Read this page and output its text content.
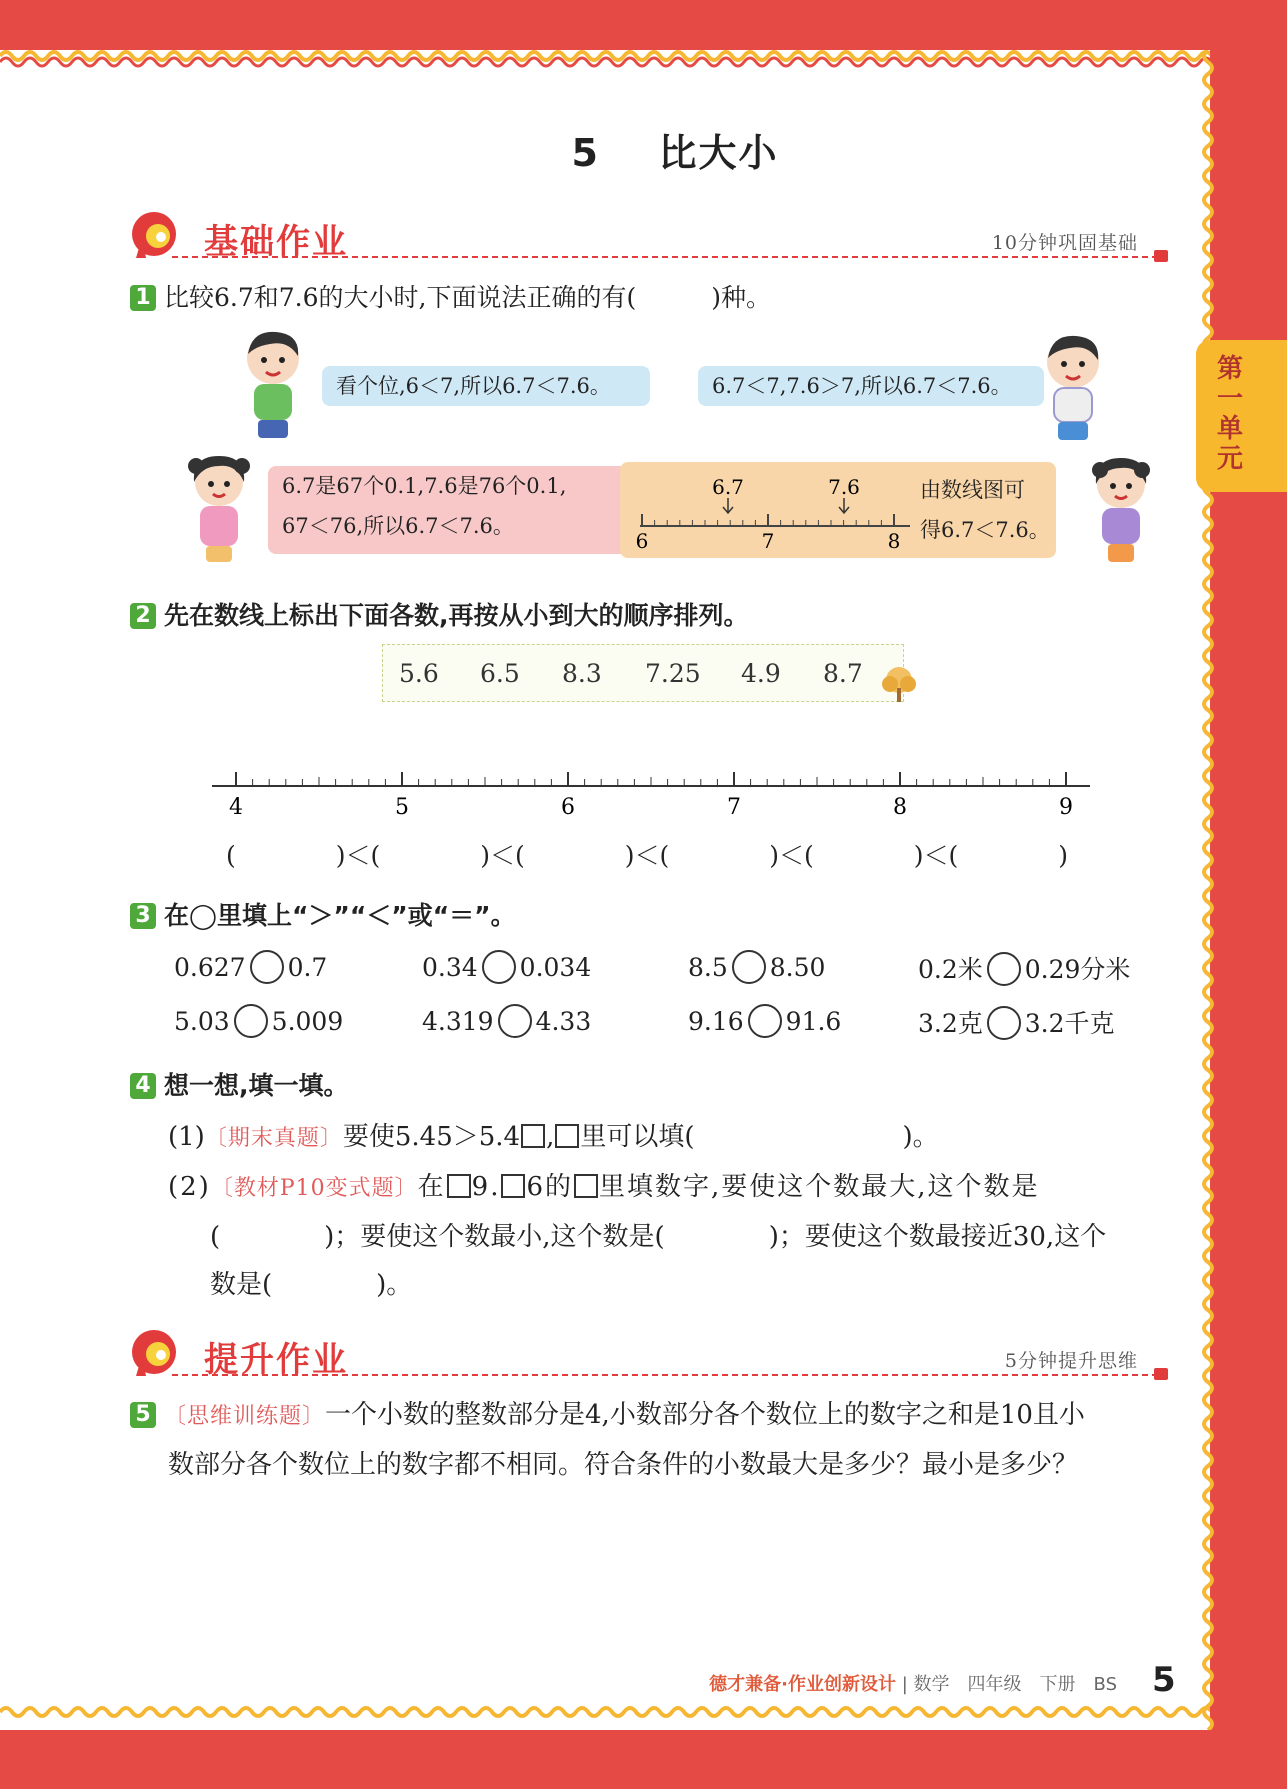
第一单元
5 比大小
基础作业	10分钟巩固基础
1 比较6.7和7.6的大小时,下面说法正确的有(　　　)种。
看个位,6＜7,所以6.7＜7.6。	6.7＜7,7.6＞7,所以6.7＜7.6。
6.7是67个0.1,7.6是76个0.1,
67＜76,所以6.7＜7.6。
6.7	7.6
6	7	8
由数线图可
得6.7＜7.6。
2 先在数线上标出下面各数,再按从小到大的顺序排列。
5.6 6.5 8.3 7.25 4.9 8.7
4	5	6	7	8	9
(　　　　)＜(　　　　)＜(　　　　)＜(　　　　)＜(　　　　)＜(　　　　)
3 在◯里填上“＞”“＜”或“＝”。
0.627 0.7	0.34 0.034	8.5 8.50	0.2米 0.29分米
5.03 5.009	4.319 4.33	9.16 91.6	3.2克 3.2千克
4 想一想,填一填。
(1)〔期末真题〕要使5.45＞5.4 , 里可以填(　　　　　　　　)。
(2)〔教材P10变式题〕在 9. 6的 里填数字,要使这个数最大,这个数是
(　　　　)；要使这个数最小,这个数是(　　　　)；要使这个数最接近30,这个
数是(　　　　)。
提升作业	5分钟提升思维
5 〔思维训练题〕一个小数的整数部分是4,小数部分各个数位上的数字之和是10且小
数部分各个数位上的数字都不相同。符合条件的小数最大是多少？最小是多少？
德才兼备·作业创新设计 | 数学　四年级　下册　BS 5
